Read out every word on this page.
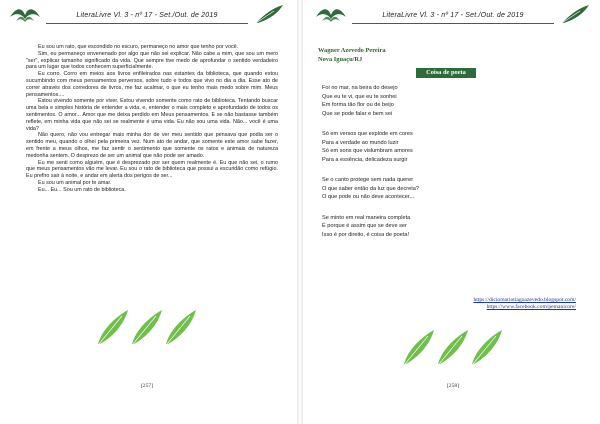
LiteraLivre Vl. 3 - nº 17 - Set./Out. de 2019

Eu sou um rato, que escondido no escuro, permaneço no amor que tenho por você.

Sim, eu permaneço envenenado por algo que não sei explicar. Não cabe a mim, que sou um mero "ser", explicar tamanho significado da vida. Que sempre tive medo de aprofundar o sentido verdadeiro para um lugar que todos conhecem superficialmente.

Eu corro. Corro em meios aos livros enfileirados nas estantes da biblioteca, que quando estou sucumbindo com meus pensamentos perversos, sobre tudo e todos que vivo no dia a dia. Esse ato de correr através dos corredores de livros, me faz acalmar, o que eu tenho mais medo sobre mim. Meus pensamentos....

Estou vivendo somente por viver. Estou vivendo somente como rato de biblioteca. Tentando buscar uma bela e simples história de entender a vida, e, entender o mais completo e aprofundado de todos os sentimentos. O amor... Amor que me deixa perdido em Meus pensamentos. E se não bastasse também reflete, em minha vida que não sei se realmente é uma vida. Eu não sou uma vida. Não... você é uma vida?

Não quero, não vou entregar mais minha dor de ver meu sentido que pensava que podia ser o sentido meu, quando o olhei pela primeira vez. Num ato de andar, que somente este amor sabe fazer, em frente a meus olhos, me faz sentir o sentimento que somente os ratos e animais de natureza medonha sentem. O desprezo de ser um animal que não pode ser amado.

Eu me senti como alguém, que é desprezado por ser quem realmente é. Eu que não sei, o rumo que meus pensamentos vão me levar. Eu sou o rato de biblioteca que possui a escuridão como refúgio. Eu prefiro sair à noite, e andar em alerta dos perigos de ser...

Eu sou um animal por te amar.

Eu... Eu... Sou um rato de biblioteca.

[257]
LiteraLivre Vl. 3 - nº 17 - Set./Out. de 2019
Wagner Azevedo Pereira
Nova Iguaçu/RJ
Coisa de poeta
Foi no mar, na beira do desejo
Que eu te vi, que eu te sonhei
Em forma tão flor ou de beijo
Que se pode falar e bem sei
Só em versos que explode em cores
Para a verdade ao mundo luzir
Só em sons que vislumbram amores
Para a essência, delicadeza surgir
Se o canto protege sem nada querer
O que saber então da luz que decreta?
O que pode ou não deve acontecer...
Se minto em real maneira completa
É porque é assim que se deve ser
Isso é por direito, é coisa de poeta!
https://diciomariotiagoazevedo.blogspot.com/
https://www.facebook.com/pemanicore/
[258]
